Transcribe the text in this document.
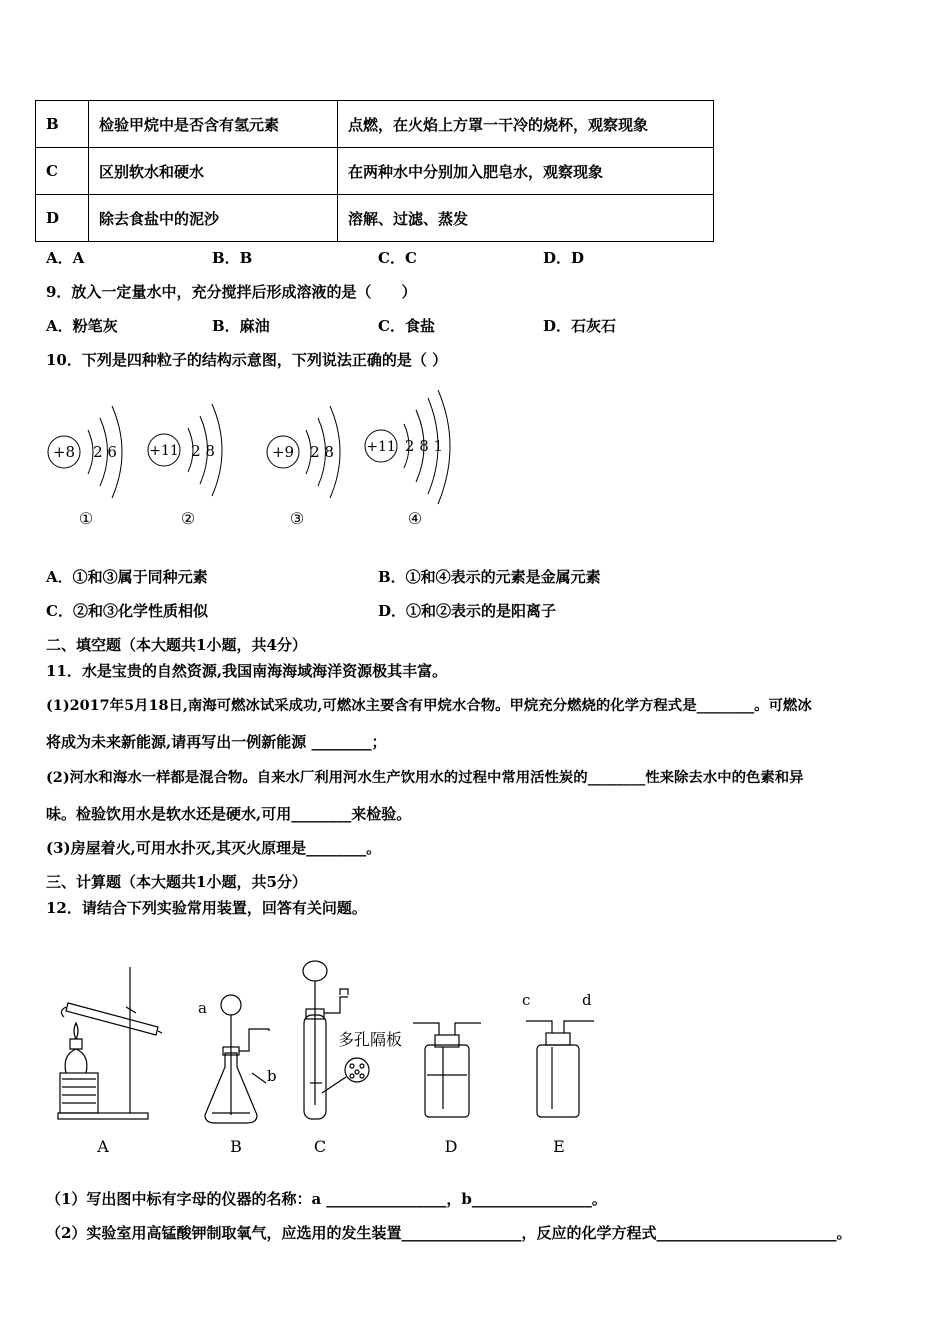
B	检验甲烷中是否含有氢元素	点燃，在火焰上方罩一干冷的烧杯，观察现象
C	区别软水和硬水	在两种水中分别加入肥皂水，观察现象
D	除去食盐中的泥沙	溶解、过滤、蒸发
A．A	B．B	C．C	D．D
9．放入一定量水中，充分搅拌后形成溶液的是（　　）
A．粉笔灰	B．麻油	C．食盐	D．石灰石
10．下列是四种粒子的结构示意图，下列说法正确的是（ ）
+8 2 6
①
+11 2 8
②
+9 2 8
③
+11 2 8 1
④
A．①和③属于同种元素	B．①和④表示的元素是金属元素
C．②和③化学性质相似	D．①和②表示的是阳离子
二、填空题（本大题共1小题，共4分）
11．水是宝贵的自然资源,我国南海海域海洋资源极其丰富。
(1)2017年5月18日,南海可燃冰试采成功,可燃冰主要含有甲烷水合物。甲烷充分燃烧的化学方程式是________。可燃冰
将成为未来新能源,请再写出一例新能源 ________；
(2)河水和海水一样都是混合物。自来水厂利用河水生产饮用水的过程中常用活性炭的________性来除去水中的色素和异
味。检验饮用水是软水还是硬水,可用________来检验。
(3)房屋着火,可用水扑灭,其灭火原理是________。
三、计算题（本大题共1小题，共5分）
12．请结合下列实验常用装置，回答有关问题。
a
b
c	d
多孔隔板
A	B	C	D	E
（1）写出图中标有字母的仪器的名称：a ________________，b________________。
（2）实验室用高锰酸钾制取氧气，应选用的发生装置________________，反应的化学方程式________________________。
